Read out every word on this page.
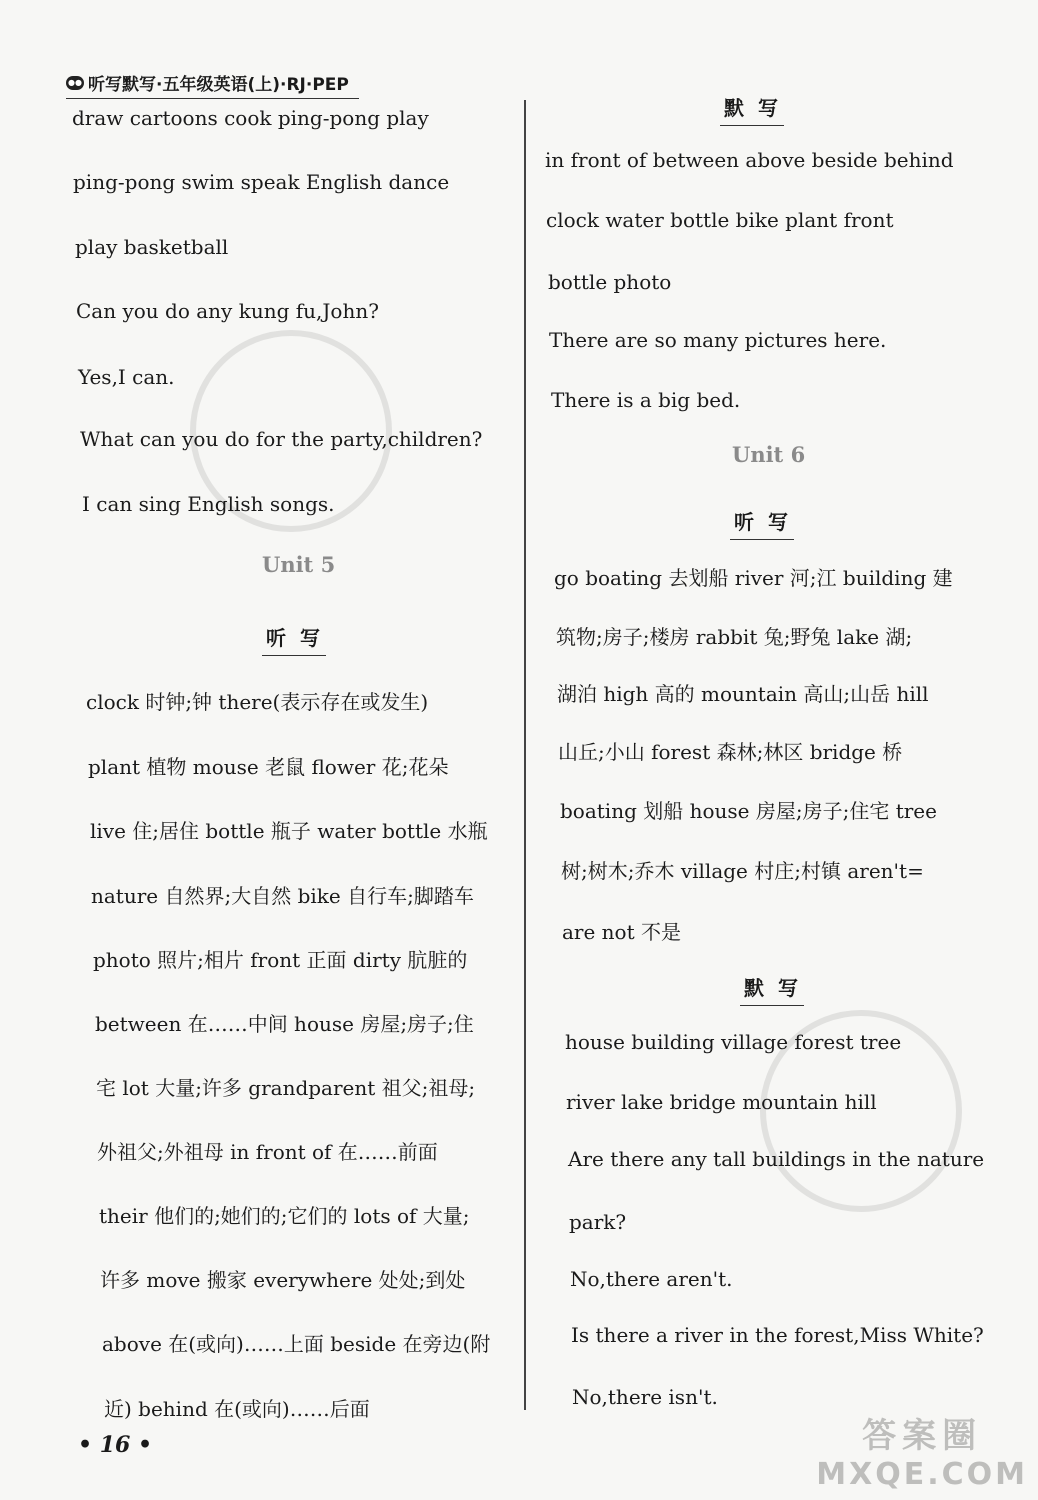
●● 听写默写·五年级英语(上)·RJ·PEP
draw cartoons cook ping-pong play
ping-pong swim speak English dance
play basketball
Can you do any kung fu,John?
Yes,I can.
What can you do for the party,children?
I can sing English songs.
Unit 5
听写
clock 时钟;钟 there(表示存在或发生)
plant 植物 mouse 老鼠 flower 花;花朵
live 住;居住 bottle 瓶子 water bottle 水瓶
nature 自然界;大自然 bike 自行车;脚踏车
photo 照片;相片 front 正面 dirty 肮脏的
between 在……中间 house 房屋;房子;住
宅 lot 大量;许多 grandparent 祖父;祖母;
外祖父;外祖母 in front of 在……前面
their 他们的;她们的;它们的 lots of 大量;
许多 move 搬家 everywhere 处处;到处
above 在(或向)……上面 beside 在旁边(附
近) behind 在(或向)……后面
默写
in front of between above beside behind
clock water bottle bike plant front
bottle photo
There are so many pictures here.
There is a big bed.
Unit 6
听写
go boating 去划船 river 河;江 building 建
筑物;房子;楼房 rabbit 兔;野兔 lake 湖;
湖泊 high 高的 mountain 高山;山岳 hill
山丘;小山 forest 森林;林区 bridge 桥
boating 划船 house 房屋;房子;住宅 tree
树;树木;乔木 village 村庄;村镇 aren't=
are not 不是
默写
house building village forest tree
river lake bridge mountain hill
Are there any tall buildings in the nature
park?
No,there aren't.
Is there a river in the forest,Miss White?
No,there isn't.
• 16 •	答案圈
MXQE.COM
